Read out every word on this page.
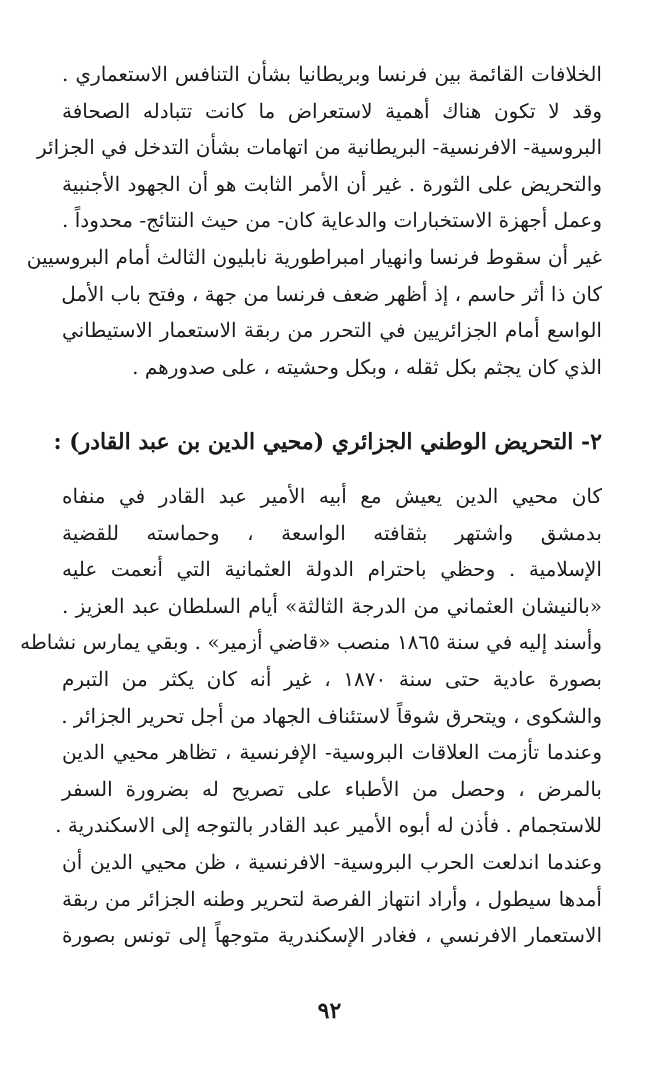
الخلافات القائمة بين فرنسا وبريطانيا بشأن التنافس الاستعماري .
وقد لا تكون هناك أهمية لاستعراض ما كانت تتبادله الصحافة
البروسية- الافرنسية- البريطانية من اتهامات بشأن التدخل في الجزائر
والتحريض على الثورة . غير أن الأمر الثابت هو أن الجهود الأجنبية
وعمل أجهزة الاستخبارات والدعاية كان- من حيث النتائج- محدوداً .
غير أن سقوط فرنسا وانهيار امبراطورية نابليون الثالث أمام البروسيين
كان ذا أثر حاسم ، إذ أظهر ضعف فرنسا من جهة ، وفتح باب الأمل
الواسع أمام الجزائريين في التحرر من ربقة الاستعمار الاستيطاني
الذي كان يجثم بكل ثقله ، وبكل وحشيته ، على صدورهم .
٢- التحريض الوطني الجزائري (محيي الدين بن عبد القادر) :
كان محيي الدين يعيش مع أبيه الأمير عبد القادر في منفاه
بدمشق واشتهر بثقافته الواسعة ، وحماسته للقضية
الإسلامية . وحظي باحترام الدولة العثمانية التي أنعمت عليه
«بالنيشان العثماني من الدرجة الثالثة» أيام السلطان عبد العزيز .
وأسند إليه في سنة ١٨٦٥ منصب «قاضي أزمير» . وبقي يمارس نشاطه
بصورة عادية حتى سنة ١٨٧٠ ، غير أنه كان يكثر من التبرم
والشكوى ، ويتحرق شوقاً لاستئناف الجهاد من أجل تحرير الجزائر .
وعندما تأزمت العلاقات البروسية- الإفرنسية ، تظاهر محيي الدين
بالمرض ، وحصل من الأطباء على تصريح له بضرورة السفر
للاستجمام . فأذن له أبوه الأمير عبد القادر بالتوجه إلى الاسكندرية .
وعندما اندلعت الحرب البروسية- الافرنسية ، ظن محيي الدين أن
أمدها سيطول ، وأراد انتهاز الفرصة لتحرير وطنه الجزائر من ربقة
الاستعمار الافرنسي ، فغادر الإسكندرية متوجهاً إلى تونس بصورة
٩٢
